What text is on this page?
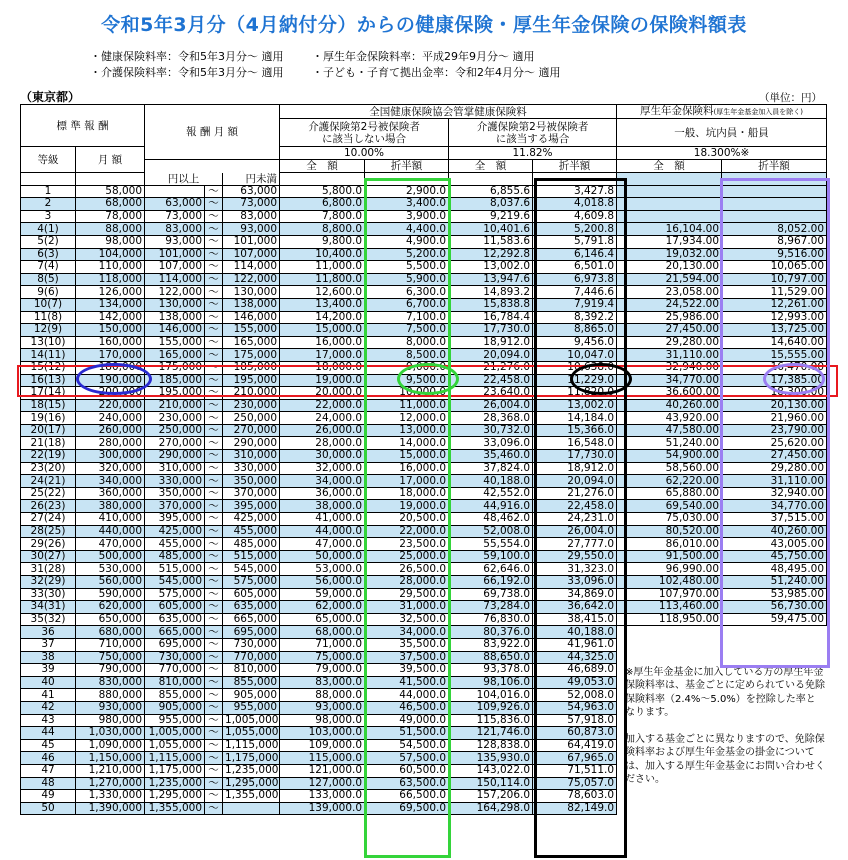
令和5年3月分（4月納付分）からの健康保険・厚生年金保険の保険料額表
・健康保険料率：令和5年3月分～ 適用
・介護保険料率：令和5年3月分～ 適用
・厚生年金保険料率：平成29年9月分～ 適用
・子ども・子育て拠出金率：令和2年4月分～ 適用
（東京都）	（単位：円）
標 準 報 酬		報 酬 月 額			全国健康保険協会管掌健康保険料				厚生年金保険料(厚生年金基金加入員を除く)	
					介護保険第2号被保険者
に該当しない場合		介護保険第2号被保険者
に該当する場合		一般、坑内員・船員	
等級	月 額				10.00%		11.82%		18.300%※	
					全　額	折半額	全　額	折半額	全　額	折半額
		円以上		円未満						
1	58,000		～	63,000	5,800.0	2,900.0	6,855.6	3,427.8		
2	68,000	63,000	～	73,000	6,800.0	3,400.0	8,037.6	4,018.8		
3	78,000	73,000	～	83,000	7,800.0	3,900.0	9,219.6	4,609.8		
4(1)	88,000	83,000	～	93,000	8,800.0	4,400.0	10,401.6	5,200.8	16,104.00	8,052.00
5(2)	98,000	93,000	～	101,000	9,800.0	4,900.0	11,583.6	5,791.8	17,934.00	8,967.00
6(3)	104,000	101,000	～	107,000	10,400.0	5,200.0	12,292.8	6,146.4	19,032.00	9,516.00
7(4)	110,000	107,000	～	114,000	11,000.0	5,500.0	13,002.0	6,501.0	20,130.00	10,065.00
8(5)	118,000	114,000	～	122,000	11,800.0	5,900.0	13,947.6	6,973.8	21,594.00	10,797.00
9(6)	126,000	122,000	～	130,000	12,600.0	6,300.0	14,893.2	7,446.6	23,058.00	11,529.00
10(7)	134,000	130,000	～	138,000	13,400.0	6,700.0	15,838.8	7,919.4	24,522.00	12,261.00
11(8)	142,000	138,000	～	146,000	14,200.0	7,100.0	16,784.4	8,392.2	25,986.00	12,993.00
12(9)	150,000	146,000	～	155,000	15,000.0	7,500.0	17,730.0	8,865.0	27,450.00	13,725.00
13(10)	160,000	155,000	～	165,000	16,000.0	8,000.0	18,912.0	9,456.0	29,280.00	14,640.00
14(11)	170,000	165,000	～	175,000	17,000.0	8,500.0	20,094.0	10,047.0	31,110.00	15,555.00
15(12)	180,000	175,000	～	185,000	18,000.0	9,000.0	21,276.0	10,638.0	32,940.00	16,470.00
16(13)	190,000	185,000	～	195,000	19,000.0	9,500.0	22,458.0	11,229.0	34,770.00	17,385.00
17(14)	200,000	195,000	～	210,000	20,000.0	10,000.0	23,640.0	11,820.0	36,600.00	18,300.00
18(15)	220,000	210,000	～	230,000	22,000.0	11,000.0	26,004.0	13,002.0	40,260.00	20,130.00
19(16)	240,000	230,000	～	250,000	24,000.0	12,000.0	28,368.0	14,184.0	43,920.00	21,960.00
20(17)	260,000	250,000	～	270,000	26,000.0	13,000.0	30,732.0	15,366.0	47,580.00	23,790.00
21(18)	280,000	270,000	～	290,000	28,000.0	14,000.0	33,096.0	16,548.0	51,240.00	25,620.00
22(19)	300,000	290,000	～	310,000	30,000.0	15,000.0	35,460.0	17,730.0	54,900.00	27,450.00
23(20)	320,000	310,000	～	330,000	32,000.0	16,000.0	37,824.0	18,912.0	58,560.00	29,280.00
24(21)	340,000	330,000	～	350,000	34,000.0	17,000.0	40,188.0	20,094.0	62,220.00	31,110.00
25(22)	360,000	350,000	～	370,000	36,000.0	18,000.0	42,552.0	21,276.0	65,880.00	32,940.00
26(23)	380,000	370,000	～	395,000	38,000.0	19,000.0	44,916.0	22,458.0	69,540.00	34,770.00
27(24)	410,000	395,000	～	425,000	41,000.0	20,500.0	48,462.0	24,231.0	75,030.00	37,515.00
28(25)	440,000	425,000	～	455,000	44,000.0	22,000.0	52,008.0	26,004.0	80,520.00	40,260.00
29(26)	470,000	455,000	～	485,000	47,000.0	23,500.0	55,554.0	27,777.0	86,010.00	43,005.00
30(27)	500,000	485,000	～	515,000	50,000.0	25,000.0	59,100.0	29,550.0	91,500.00	45,750.00
31(28)	530,000	515,000	～	545,000	53,000.0	26,500.0	62,646.0	31,323.0	96,990.00	48,495.00
32(29)	560,000	545,000	～	575,000	56,000.0	28,000.0	66,192.0	33,096.0	102,480.00	51,240.00
33(30)	590,000	575,000	～	605,000	59,000.0	29,500.0	69,738.0	34,869.0	107,970.00	53,985.00
34(31)	620,000	605,000	～	635,000	62,000.0	31,000.0	73,284.0	36,642.0	113,460.00	56,730.00
35(32)	650,000	635,000	～	665,000	65,000.0	32,500.0	76,830.0	38,415.0	118,950.00	59,475.00
36	680,000	665,000	～	695,000	68,000.0	34,000.0	80,376.0	40,188.0		
37	710,000	695,000	～	730,000	71,000.0	35,500.0	83,922.0	41,961.0		
38	750,000	730,000	～	770,000	75,000.0	37,500.0	88,650.0	44,325.0		
39	790,000	770,000	～	810,000	79,000.0	39,500.0	93,378.0	46,689.0		
40	830,000	810,000	～	855,000	83,000.0	41,500.0	98,106.0	49,053.0		
41	880,000	855,000	～	905,000	88,000.0	44,000.0	104,016.0	52,008.0		
42	930,000	905,000	～	955,000	93,000.0	46,500.0	109,926.0	54,963.0		
43	980,000	955,000	～	1,005,000	98,000.0	49,000.0	115,836.0	57,918.0		
44	1,030,000	1,005,000	～	1,055,000	103,000.0	51,500.0	121,746.0	60,873.0		
45	1,090,000	1,055,000	～	1,115,000	109,000.0	54,500.0	128,838.0	64,419.0		
46	1,150,000	1,115,000	～	1,175,000	115,000.0	57,500.0	135,930.0	67,965.0		
47	1,210,000	1,175,000	～	1,235,000	121,000.0	60,500.0	143,022.0	71,511.0		
48	1,270,000	1,235,000	～	1,295,000	127,000.0	63,500.0	150,114.0	75,057.0		
49	1,330,000	1,295,000	～	1,355,000	133,000.0	66,500.0	157,206.0	78,603.0		
50	1,390,000	1,355,000	～		139,000.0	69,500.0	164,298.0	82,149.0		
※厚生年金基金に加入している方の厚生年金保険料率は、基金ごとに定められている免除保険料率（2.4%～5.0%）を控除した率となります。

加入する基金ごとに異なりますので、免除保険料率および厚生年金基金の掛金については、加入する厚生年金基金にお問い合わせください。
